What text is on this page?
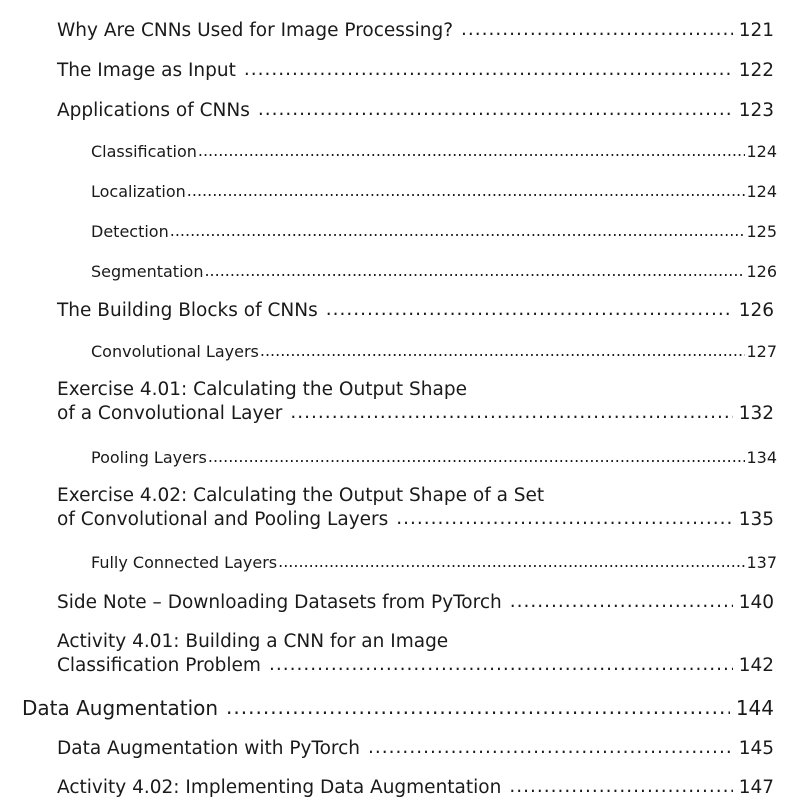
Why Are CNNs Used for Image Processing? .....	121
The Image as Input .....	122
Applications of CNNs .....	123
Classification .....	124
Localization .....	124
Detection .....	125
Segmentation .....	126
The Building Blocks of CNNs .....	126
Convolutional Layers .....	127
Exercise 4.01: Calculating the Output Shape
of a Convolutional Layer .....	132
Pooling Layers .....	134
Exercise 4.02: Calculating the Output Shape of a Set
of Convolutional and Pooling Layers .....	135
Fully Connected Layers .....	137
Side Note – Downloading Datasets from PyTorch .....	140
Activity 4.01: Building a CNN for an Image
Classification Problem .....	142
Data Augmentation .....	144
Data Augmentation with PyTorch .....	145
Activity 4.02: Implementing Data Augmentation .....	147
